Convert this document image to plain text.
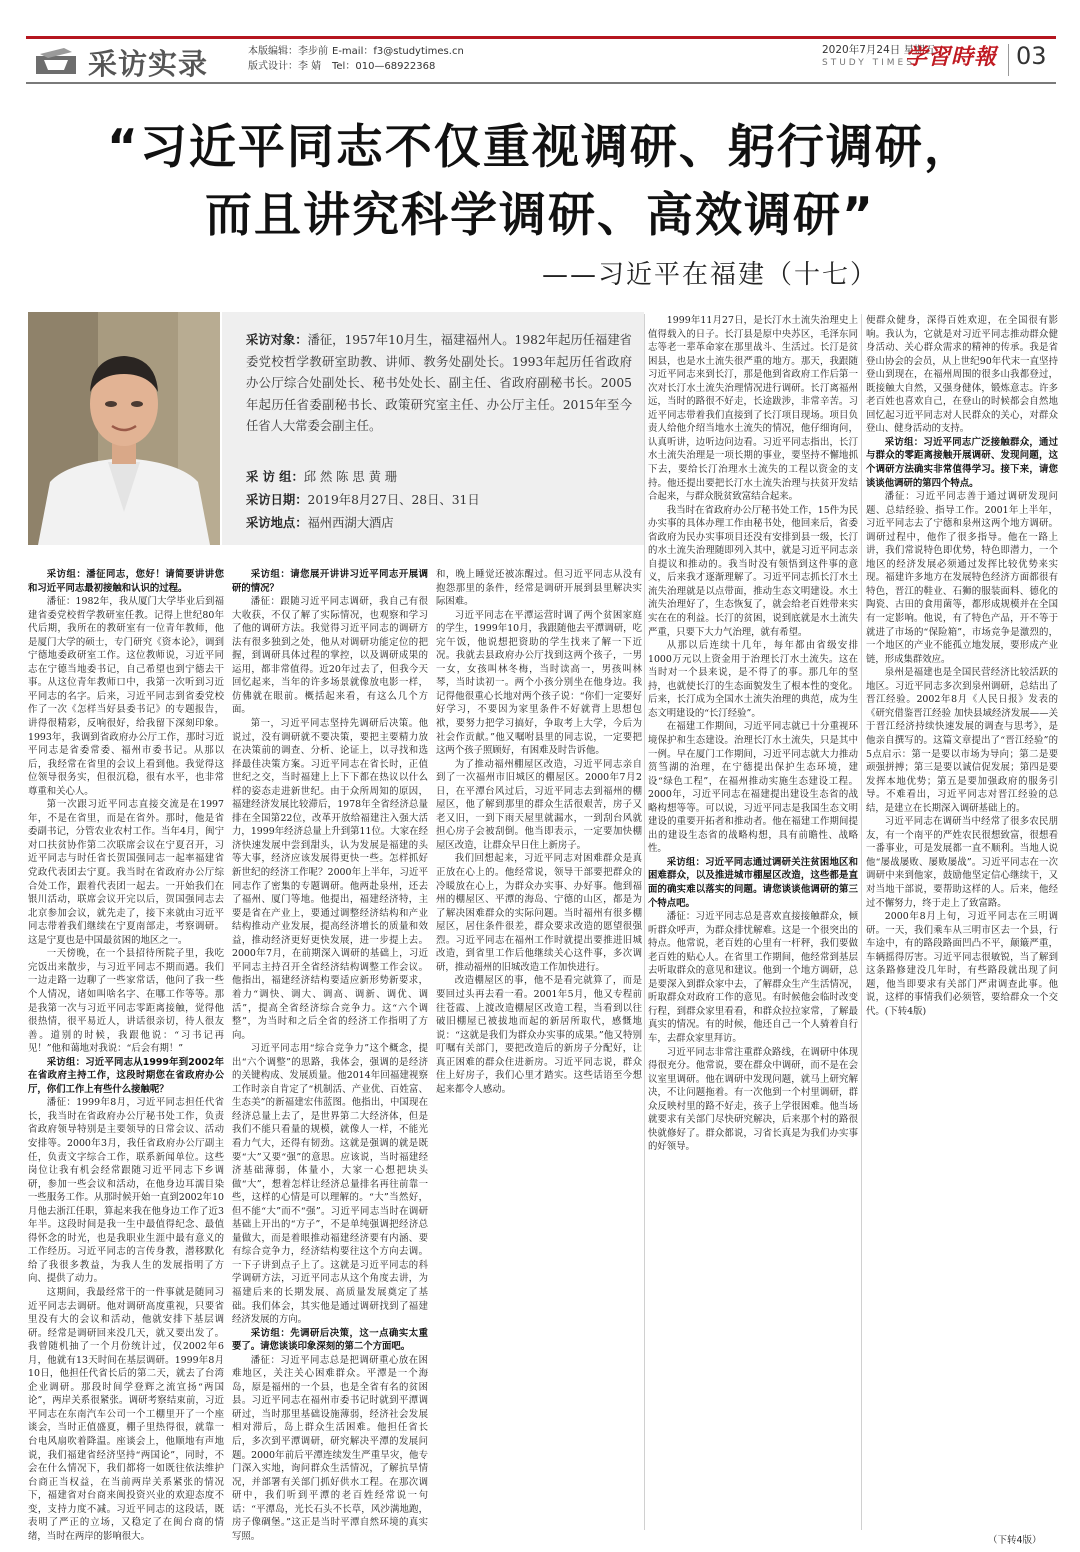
采访实录	本版编辑：李步前
版式设计：李 婧
E-mail：f3@studytimes.cn
Tel：010—68922368
2020年7月24日 星期五
STUDY TIMES
学習時報 03
“习近平同志不仅重视调研、躬行调研，
而且讲究科学调研、高效调研”
——习近平在福建（十七）
采访对象：潘征，1957年10月生，福建福州人。1982年起历任福建省委党校哲学教研室助教、讲师、教务处副处长。1993年起历任省政府办公厅综合处副处长、秘书处处长、副主任、省政府副秘书长。2005年起历任省委副秘书长、政策研究室主任、办公厅主任。2015年至今任省人大常委会副主任。
采 访 组：邱 然 陈 思 黄 珊
采访日期：2019年8月27日、28日、31日
采访地点：福州西湖大酒店

采访组：潘征同志，您好！请简要讲讲您和习近平同志最初接触和认识的过程。

潘征：1982年，我从厦门大学毕业后到福建省委党校哲学教研室任教。记得上世纪80年代后期，我所在的教研室有一位青年教师，他是厦门大学的硕士，专门研究《资本论》，调到宁德地委政研室工作。这位教师说，习近平同志在宁德当地委书记，自己希望也到宁德去干事。从这位青年教师口中，我第一次听到习近平同志的名字。后来，习近平同志到省委党校作了一次《怎样当好县委书记》的专题报告，讲得很精彩，反响很好，给我留下深刻印象。1993年，我调到省政府办公厅工作，那时习近平同志是省委常委、福州市委书记。从那以后，我经常在省里的会议上看到他。我觉得这位领导很务实，但很沉稳，很有水平，也非常尊重和关心人。

第一次跟习近平同志直接交流是在1997年，不是在省里，而是在省外。那时，他是省委副书记，分管农业农村工作。当年4月，闽宁对口扶贫协作第二次联席会议在宁夏召开，习近平同志与时任省长贺国强同志一起率福建省党政代表团去宁夏。我当时在省政府办公厅综合处工作，跟着代表团一起去。一开始我们在银川活动，联席会议开完以后，贺国强同志去北京参加会议，就先走了，接下来就由习近平同志带着我们继续在宁夏南部走，考察调研。这是宁夏也是中国最贫困的地区之一。

一天傍晚，在一个县招待所院子里，我吃完饭出来散步，与习近平同志不期而遇。我们一边走路一边聊了一些家常话，他问了我一些个人情况，诸如叫啥名字、在哪工作等等。那是我第一次与习近平同志零距离接触，觉得他很热情，很平易近人，讲话很亲切，待人很友善。道别的时候，我跟他说：“习书记再见！”他和蔼地对我说：“后会有期！”

采访组：习近平同志从1999年到2002年在省政府主持工作，这段时期您在省政府办公厅，你们工作上有些什么接触呢？

潘征：1999年8月，习近平同志担任代省长，我当时在省政府办公厅秘书处工作，负责省政府领导特别是主要领导的日常会议、活动安排等。2000年3月，我任省政府办公厅副主任，负责文字综合工作，联系新闻单位。这些岗位让我有机会经常跟随习近平同志下乡调研，参加一些会议和活动，在他身边耳濡目染一些服务工作。从那时候开始一直到2002年10月他去浙江任职，算起来我在他身边工作了近3年半。这段时间是我一生中最值得纪念、最值得怀念的时光，也是我职业生涯中最有意义的工作经历。习近平同志的言传身教，潜移默化给了我很多教益，为我人生的发展指明了方向、提供了动力。

这期间，我最经常干的一件事就是随同习近平同志去调研。他对调研高度重视，只要省里没有大的会议和活动，他就安排下基层调研。经常是调研回来没几天，就又要出发了。我曾随机抽了一个月份统计过，仅2002年6月，他就有13天时间在基层调研。1999年8月10日，他担任代省长后的第二天，就去了台湾企业调研。那段时间学登辉之流宣扬“两国论”，两岸关系很紧张。调研考察结束前，习近平同志在东南汽车公司一个工棚里开了一个座谈会，当时正值盛夏，棚子里热得很，就靠一台电风扇吹着降温。座谈会上，他顺地有声地说，我们福建省经济坚持“两国论”，同时，不会在什么情况下，我们都将一如既往依法维护台商正当权益，在当前两岸关系紧张的情况下，福建省对台商来闽投资兴业的欢迎态度不变，支持力度不减。习近平同志的这段话，既表明了严正的立场，又稳定了在闽台商的情绪，当时在两岸的影响很大。

采访组：请您展开讲讲习近平同志开展调研的情况？

潘征：跟随习近平同志调研，我自己有很大收获，不仅了解了实际情况，也观察和学习了他的调研方法。我觉得习近平同志的调研方法有很多独到之处，他从对调研功能定位的把握，到调研具体过程的掌控，以及调研成果的运用，都非常值得。近20年过去了，但我今天回忆起来，当年的许多场景就像放电影一样，仿佛就在眼前。概括起来看，有这么几个方面。

第一，习近平同志坚持先调研后决策。他说过，没有调研就不要决策，要把主要精力放在决策前的调查、分析、论证上，以寻找和选择最佳决策方案。习近平同志在省长时，正值世纪之交，当时福建上上下下都在热议以什么样的姿态走进新世纪。由于众所周知的原因，福建经济发展比较滞后，1978年全省经济总量排在全国第22位，改革开放给福建注入强大活力，1999年经济总量上升到第11位。大家在经济快速发展中尝到甜头，认为发展是福建的头等大事，经济应该发展得更快一些。怎样抓好新世纪的经济工作呢？2000年上半年，习近平同志作了密集的专题调研。他两赴泉州，还去了福州、厦门等地。他提出，福建经济特，主要是省在产业上，要通过调整经济结构和产业结构推动产业发展，提高经济增长的质量和效益，推动经济更好更快发展，进一步提上去。2000年7月，在前期深入调研的基础上，习近平同志主持召开全省经济结构调整工作会议。他指出，福建经济结构要适应新形势新要求，着力“调快、调大、调高、调新、调优、调活”，提高全省经济综合竞争力。这“六个调整”，为当时和之后全省的经济工作指明了方向。

习近平同志用“综合竞争力”这个概念，提出“六个调整”的思路，我体会，强调的是经济的关键构成、发展质量。他2014年回福建视察工作时亲自肯定了“机制活、产业优、百姓富、生态美”的新福建宏伟蓝图。他指出，中国现在经济总量上去了，是世界第二大经济体，但是我们不能只看量的规模，就像人一样，不能光看力气大，还得有韧劲。这就是强调的就是既要“大”又要“强”的意思。应该说，当时福建经济基础薄弱，体量小，大家一心想把块头做“大”，想着怎样让经济总量排名再往前靠一些，这样的心情是可以理解的。“大”当然好，但不能“大”而不“强”。习近平同志当时在调研基础上开出的“方子”，不是单纯强调把经济总量做大，而是着眼推动福建经济要有内涵、要有综合竞争力，经济结构要往这个方向去调。一下子讲到点子上了。这就是习近平同志的科学调研方法，习近平同志从这个角度去讲，为福建后来的长期发展、高质量发展奠定了基础。我们体会，其实他是通过调研找到了福建经济发展的方向。

采访组：先调研后决策，这一点确实太重要了。请您谈谈印象深刻的第二个方面吧。

潘征：习近平同志总是把调研重心放在困难地区，关注关心困难群众。平潭是一个海岛，原是福州的一个县，也是全省有名的贫困县。习近平同志在福州市委书记时就到平潭调研过，当时那里基础设施薄弱，经济社会发展相对滞后，岛上群众生活困难。他担任省长后，多次到平潭调研，研究解决平潭的发展问题。2000年前后平潭连续发生严重旱灾，他专门深入实地，询问群众生活情况，了解抗旱情况，并部署有关部门抓好供水工程。在那次调研中，我们听到平潭的老百姓经常说一句话：“平潭岛，光长石头不长草，风沙满地跑，房子像碉堡。”这正是当时平潭自然环境的真实写照。

和，晚上睡觉还被冻醒过。但习近平同志从没有抱怨那里的条件，经常是调研开展到县里解决实际困难。

习近平同志在平潭运营时调了两个贫困家庭的学生，1999年10月，我跟随他去平潭调研，吃完午饭，他说想把资助的学生找来了解一下近况。我就去县政府办公厅找到这两个孩子，一男一女，女孩叫林冬梅，当时读高一，男孩叫林琴，当时读初一。两个小孩分别坐在他身边。我记得他很重心长地对两个孩子说：“你们一定要好好学习，不要因为家里条件不好就背上思想包袱，要努力把学习搞好，争取考上大学，今后为社会作贡献。”他又嘱咐县里的同志说，一定要把这两个孩子照顾好，有困难及时告诉他。

为了推动福州棚屋区改造，习近平同志亲自到了一次福州市旧城区的棚屋区。2000年7月2日，在平潭台风过后，习近平同志去到福州的棚屋区，他了解到那里的群众生活很艰苦，房子又老又旧，一到下雨天屋里就漏水，一到刮台风就担心房子会被刮倒。他当即表示，一定要加快棚屋区改造，让群众早日住上新房子。

我们回想起来，习近平同志对困难群众是真正放在心上的。他经常说，领导干部要把群众的冷暖放在心上，为群众办实事、办好事。他到福州的棚屋区、平潭的海岛、宁德的山区，都是为了解决困难群众的实际问题。当时福州有很多棚屋区，居住条件很差，群众要求改造的愿望很强烈。习近平同志在福州工作时就提出要推进旧城改造，到省里工作后他继续关心这件事，多次调研，推动福州的旧城改造工作加快进行。

改造棚屋区的事，他不是看完就算了，而是要回过头再去看一看。2001年5月，他又专程前往苍霞、上渡改造棚屋区改造工程，当看到以往破旧棚屋已被拔地而起的新居所取代，感慨地说：“这就是我们为群众办实事的成果。”他又特别叮嘱有关部门，要把改造后的新房子分配好，让真正困难的群众住进新房。习近平同志说，群众住上好房子，我们心里才踏实。这些话语至今想起来都令人感动。

1999年11月27日，是长汀水土流失治理史上值得载入的日子。长汀县是原中央苏区，毛泽东同志等老一辈革命家在那里战斗、生活过。长汀是贫困县，也是水土流失很严重的地方。那天，我跟随习近平同志来到长汀，那是他到省政府工作后第一次对长汀水土流失治理情况进行调研。长汀离福州远，当时的路很不好走，长途跋涉，非常辛苦。习近平同志带着我们直接到了长汀项目现场。项目负责人给他介绍当地水土流失的情况，他仔细询问，认真听讲，边听边问边看。习近平同志指出，长汀水土流失治理是一项长期的事业，要坚持不懈地抓下去，要给长汀治理水土流失的工程以资金的支持。他还提出要把长汀水土流失治理与扶贫开发结合起来，与群众脱贫致富结合起来。

我当时在省政府办公厅秘书处工作，15件为民办实事的具体办理工作由秘书处，他回来后，省委省政府为民办实事项目还没有安排到县一级，长汀的水土流失治理随即列入其中，就是习近平同志亲自提议和推动的。我当时没有领悟到这件事的意义，后来我才逐渐理解了。习近平同志抓长汀水土流失治理就是以点带面，推动生态文明建设。水土流失治理好了，生态恢复了，就会给老百姓带来实实在在的利益。长汀的贫困，说到底就是水土流失严重，只要下大力气治理，就有希望。

从那以后连续十几年，每年都由省级安排1000万元以上资金用于治理长汀水土流失。这在当时对一个县来说，是不得了的事。那几年的坚持，也就使长汀的生态面貌发生了根本性的变化。后来，长汀成为全国水土流失治理的典范，成为生态文明建设的“长汀经验”。

在福建工作期间，习近平同志就已十分重视环境保护和生态建设。治理长汀水土流失，只是其中一例。早在厦门工作期间，习近平同志就大力推动筼筜湖的治理，在宁德提出保护生态环境，建设“绿色工程”，在福州推动实施生态建设工程。2000年，习近平同志在福建提出建设生态省的战略构想等等。可以说，习近平同志是我国生态文明建设的重要开拓者和推动者。他在福建工作期间提出的建设生态省的战略构想，具有前瞻性、战略性。

采访组：习近平同志通过调研关注贫困地区和困难群众，以及推进城市棚屋区改造，这些都是直面的确实难以落实的问题。请您谈谈他调研的第三个特点吧。

潘征：习近平同志总是喜欢直接接触群众，倾听群众呼声，为群众排忧解难。这是一个很突出的特点。他常说，老百姓的心里有一杆秤，我们要做老百姓的贴心人。在省里工作期间，他经常到基层去听取群众的意见和建议。他到一个地方调研，总是要深入到群众家中去，了解群众生产生活情况，听取群众对政府工作的意见。有时候他会临时改变行程，到群众家里看看，和群众拉拉家常，了解最真实的情况。有的时候，他还自己一个人骑着自行车，去群众家里拜访。

习近平同志非常注重群众路线，在调研中体现得很充分。他常说，要在群众中调研，而不是在会议室里调研。他在调研中发现问题，就马上研究解决，不让问题拖着。有一次他到一个村里调研，群众反映村里的路不好走，孩子上学很困难。他当场就要求有关部门尽快研究解决，后来那个村的路很快就修好了。群众都说，习省长真是为我们办实事的好领导。

便群众健身，深得百姓欢迎，在全国很有影响。我认为，它就是对习近平同志推动群众健身活动、关心群众需求的精神的传承。我是省登山协会的会员，从上世纪90年代末一直坚持登山到现在，在福州周围的很多山我都登过，既接触大自然，又强身健体，锻炼意志。许多老百姓也喜欢自己，在登山的时候都会自然地回忆起习近平同志对人民群众的关心，对群众登山、健身活动的支持。

采访组：习近平同志广泛接触群众，通过与群众的零距离接触开展调研、发现问题，这个调研方法确实非常值得学习。接下来，请您谈谈他调研的第四个特点。

潘征：习近平同志善于通过调研发现问题、总结经验、指导工作。2001年上半年，习近平同志去了宁德和泉州这两个地方调研。调研过程中，他作了很多指导。他在一路上讲，我们常说特色即优势，特色即潜力，一个地区的经济发展必须通过发挥比较优势来实现。福建许多地方在发展特色经济方面都很有特色，晋江的鞋业、石狮的服装面料、德化的陶瓷、古田的食用菌等，都形成规模并在全国有一定影响。他说，有了特色产品，开不等于就进了市场的“保险箱”，市场竞争是激烈的，一个地区的产业不能孤立地发展，要形成产业链，形成集群效应。

泉州是福建也是全国民营经济比较活跃的地区。习近平同志多次到泉州调研，总结出了晋江经验。2002年8月《人民日报》发表的《研究借鉴晋江经验 加快县域经济发展——关于晋江经济持续快速发展的调查与思考》，是他亲自撰写的。这篇文章提出了“晋江经验”的5点启示：第一是要以市场为导向；第二是要顽强拼搏；第三是要以诚信促发展；第四是要发挥本地优势；第五是要加强政府的服务引导。不难看出，习近平同志对晋江经验的总结，是建立在长期深入调研基础上的。

习近平同志在调研当中经常了很多农民朋友，有一个南平的严姓农民很想致富，很想看一番事业，可是发展都一直不顺利。当地人说他“屡战屡败、屡败屡战”。习近平同志在一次调研中来到他家，鼓励他坚定信心继续干，又对当地干部说，要帮助这样的人。后来，他经过不懈努力，终于走上了致富路。

2000年8月上旬，习近平同志在三明调研。一天，我们乘车从三明市区去一个县，行车途中，有的路段路面凹凸不平，颠簸严重，车辆摇得厉害。习近平同志很敏锐，当了解到这条路修建没几年时，有些路段就出现了问题，他当即要求有关部门严肃调查此事。他说，这样的事情我们必须管，要给群众一个交代。(下转4版)

（下转4版）
